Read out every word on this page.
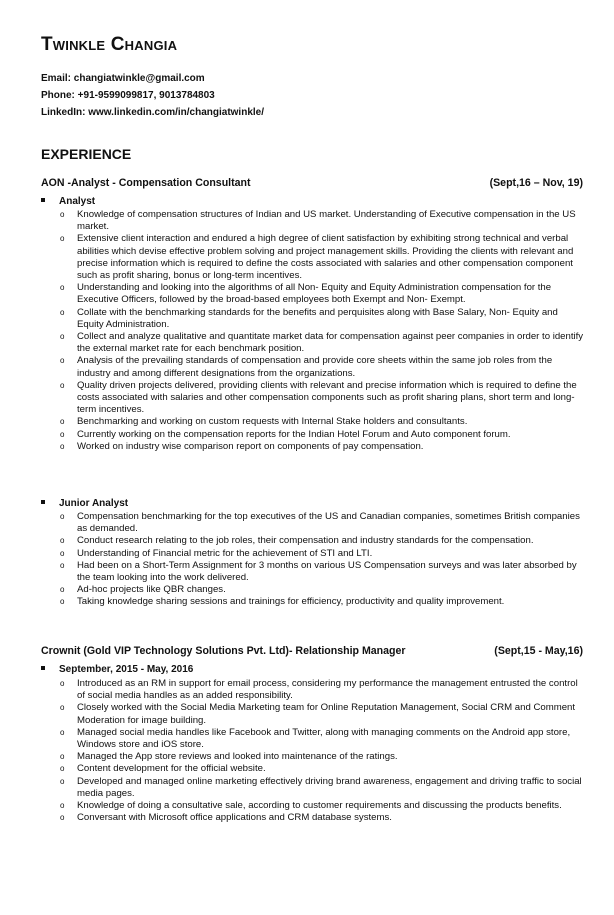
Twinkle Changia
Email: changiatwinkle@gmail.com
Phone: +91-9599099817, 9013784803
LinkedIn: www.linkedin.com/in/changiatwinkle/
EXPERIENCE
AON -Analyst - Compensation Consultant	(Sept,16 – Nov, 19)
Analyst
o Knowledge of compensation structures of Indian and US market. Understanding of Executive compensation in the US market.
o Extensive client interaction and endured a high degree of client satisfaction by exhibiting strong technical and verbal abilities which devise effective problem solving and project management skills. Providing the clients with relevant and precise information which is required to define the costs associated with salaries and other compensation component such as profit sharing, bonus or long-term incentives.
o Understanding and looking into the algorithms of all Non- Equity and Equity Administration compensation for the Executive Officers, followed by the broad-based employees both Exempt and Non- Exempt.
o Collate with the benchmarking standards for the benefits and perquisites along with Base Salary, Non- Equity and Equity Administration.
o Collect and analyze qualitative and quantitate market data for compensation against peer companies in order to identify the external market rate for each benchmark position.
o Analysis of the prevailing standards of compensation and provide core sheets within the same job roles from the industry and among different designations from the organizations.
o Quality driven projects delivered, providing clients with relevant and precise information which is required to define the costs associated with salaries and other compensation components such as profit sharing plans, short term and long-term incentives.
o Benchmarking and working on custom requests with Internal Stake holders and consultants.
o Currently working on the compensation reports for the Indian Hotel Forum and Auto component forum.
o Worked on industry wise comparison report on components of pay compensation.
Junior Analyst
o Compensation benchmarking for the top executives of the US and Canadian companies, sometimes British companies as demanded.
o Conduct research relating to the job roles, their compensation and industry standards for the compensation.
o Understanding of Financial metric for the achievement of STI and LTI.
o Had been on a Short-Term Assignment for 3 months on various US Compensation surveys and was later absorbed by the team looking into the work delivered.
o Ad-hoc projects like QBR changes.
o Taking knowledge sharing sessions and trainings for efficiency, productivity and quality improvement.
Crownit (Gold VIP Technology Solutions Pvt. Ltd)- Relationship Manager	(Sept,15 - May,16)
September, 2015 - May, 2016
o Introduced as an RM in support for email process, considering my performance the management entrusted the control of social media handles as an added responsibility.
o Closely worked with the Social Media Marketing team for Online Reputation Management, Social CRM and Comment Moderation for image building.
o Managed social media handles like Facebook and Twitter, along with managing comments on the Android app store, Windows store and iOS store.
o Managed the App store reviews and looked into maintenance of the ratings.
o Content development for the official website.
o Developed and managed online marketing effectively driving brand awareness, engagement and driving traffic to social media pages.
o Knowledge of doing a consultative sale, according to customer requirements and discussing the products benefits.
o Conversant with Microsoft office applications and CRM database systems.
